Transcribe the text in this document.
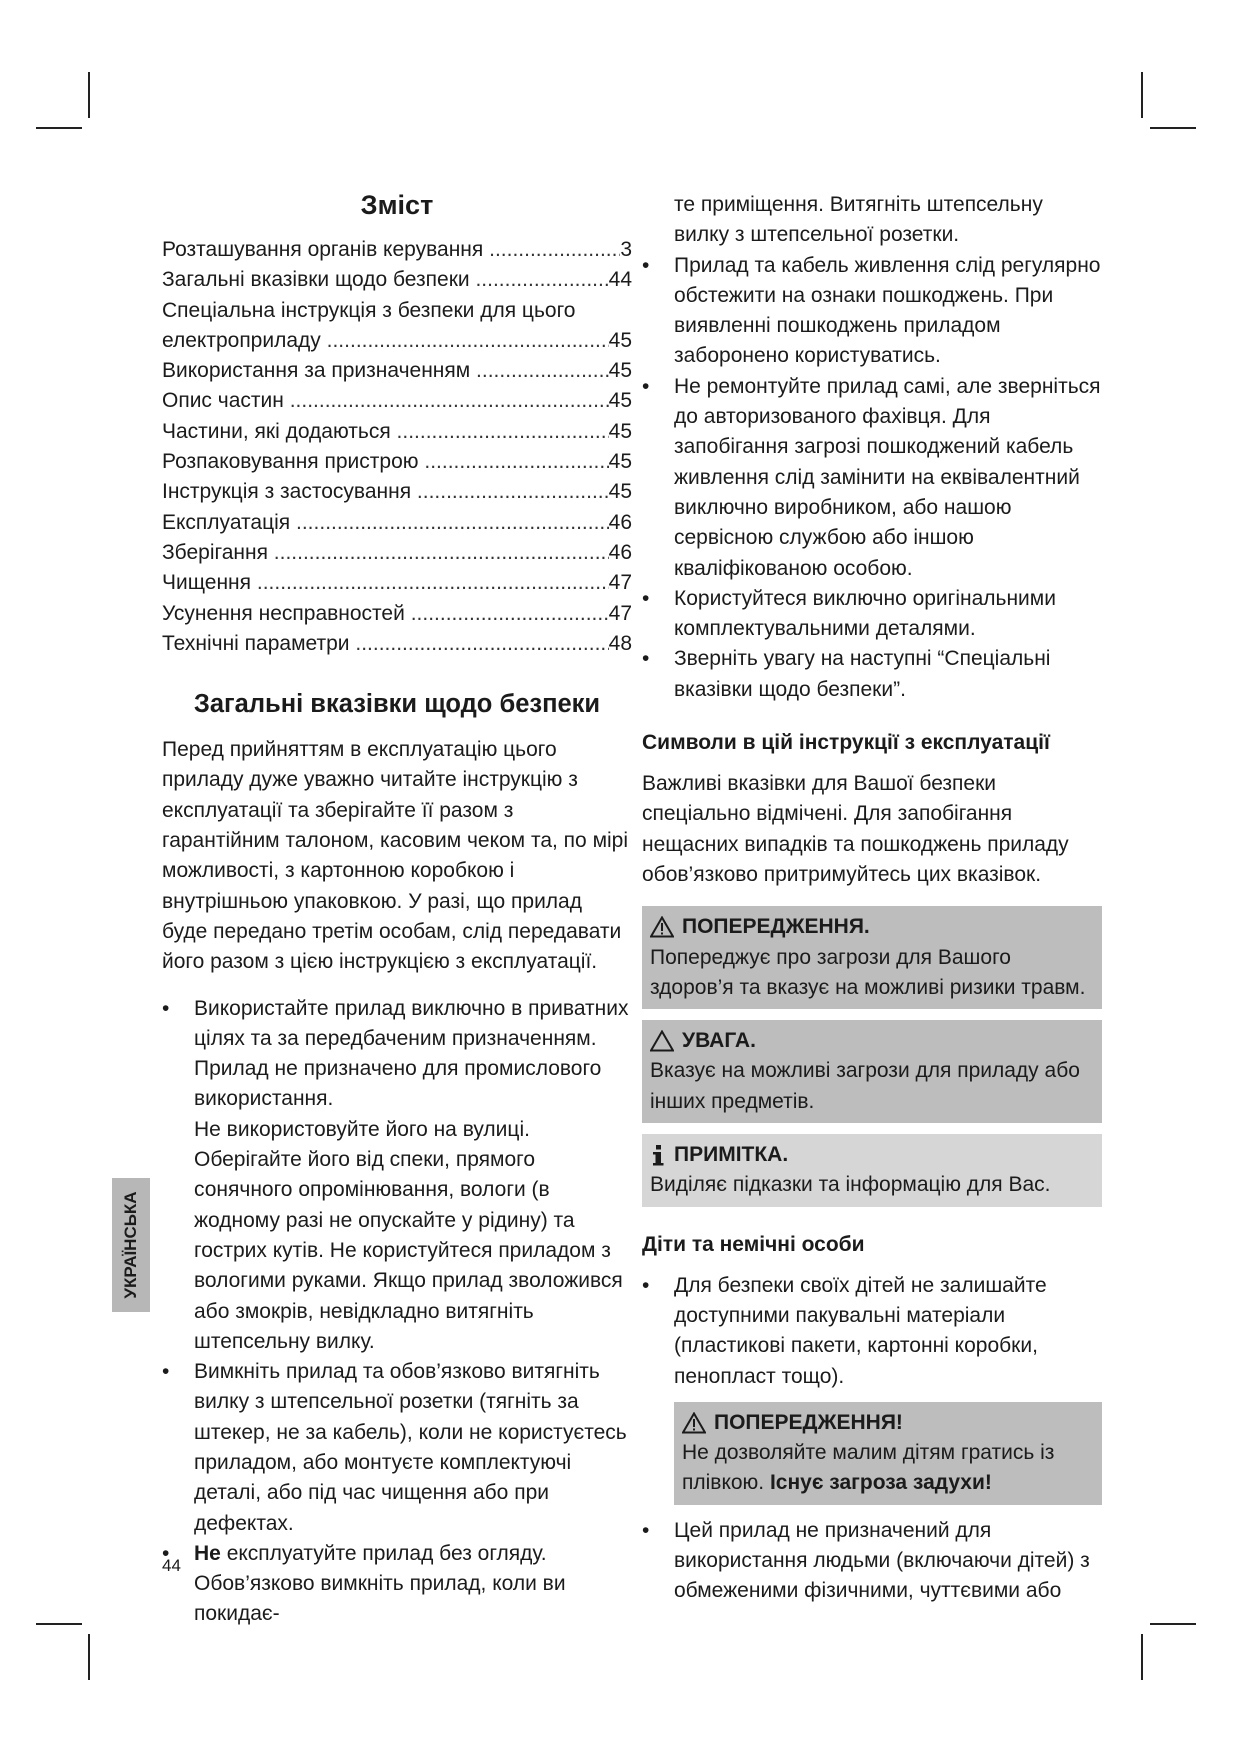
Зміст
Розташування органів керування .....	3
Загальні вказівки щодо безпеки .....	44
Спеціальна інструкція з безпеки для цього
електроприладу .....	45
Використання за призначенням .....	45
Опис частин .....	45
Частини, які додаються .....	45
Розпаковування пристрою .....	45
Інструкція з застосування .....	45
Експлуатація .....	46
Зберігання .....	46
Чищення .....	47
Усунення несправностей .....	47
Технічні параметри .....	48
Загальні вказівки щодо безпеки

Перед прийняттям в експлуатацію цього приладу дуже уважно читайте інструкцію з експлуатації та зберігайте її разом з гарантійним талоном, касовим чеком та, по мірі можливості, з картонною коробкою і внутрішньою упаковкою. У разі, що прилад буде передано третім особам, слід передавати його разом з цією інструкцією з експлуатації.

• Використайте прилад виключно в приватних цілях та за передбаченим призначенням. Прилад не призначено для промислового використання.
Не використовуйте його на вулиці. Оберігайте його від спеки, прямого сонячного опромінювання, вологи (в жодному разі не опускайте у рідину) та гострих кутів. Не користуйтеся приладом з вологими руками. Якщо прилад зволожився або змокрів, невідкладно витягніть штепсельну вилку.
• Вимкніть прилад та обов’язково витягніть вилку з штепсельної розетки (тягніть за штекер, не за кабель), коли не користуєтесь приладом, або монтуєте комплектуючі деталі, або під час чищення або при дефектах.
• Не експлуатуйте прилад без огляду. Обов’язково вимкніть прилад, коли ви покидає-

те приміщення. Витягніть штепсельну вилку з штепсельної розетки.

• Прилад та кабель живлення слід регулярно обстежити на ознаки пошкоджень. При виявленні пошкоджень приладом заборонено користуватись.
• Не ремонтуйте прилад самі, але зверніться до авторизованого фахівця. Для запобігання загрозі пошкоджений кабель живлення слід замінити на еквівалентний виключно виробником, або нашою сервісною службою або іншою кваліфікованою особою.
• Користуйтеся виключно оригінальними комплектувальними деталями.
• Зверніть увагу на наступні “Спеціальні вказівки щодо безпеки”.
Символи в цій інструкції з експлуатації

Важливі вказівки для Вашої безпеки спеціально відмічені. Для запобігання нещасних випадків та пошкоджень приладу обов’язково притримуйтесь цих вказівок.

ПОПЕРЕДЖЕННЯ.
Попереджує про загрози для Вашого здоров’я та вказує на можливі ризики травм.
УВАГА.
Вказує на можливі загрози для приладу або інших предметів.
ПРИМІТКА.
Виділяє підказки та інформацію для Вас.
Діти та немічні особи
• Для безпеки своїх дітей не залишайте доступними пакувальні матеріали (пластикові пакети, картонні коробки, пенопласт тощо).
ПОПЕРЕДЖЕННЯ!
Не дозволяйте малим дітям гратись із плівкою. Існує загроза задухи!
• Цей прилад не призначений для використання людьми (включаючи дітей) з обмеженими фізичними, чуттєвими або
УКРАЇНСЬКА
44
